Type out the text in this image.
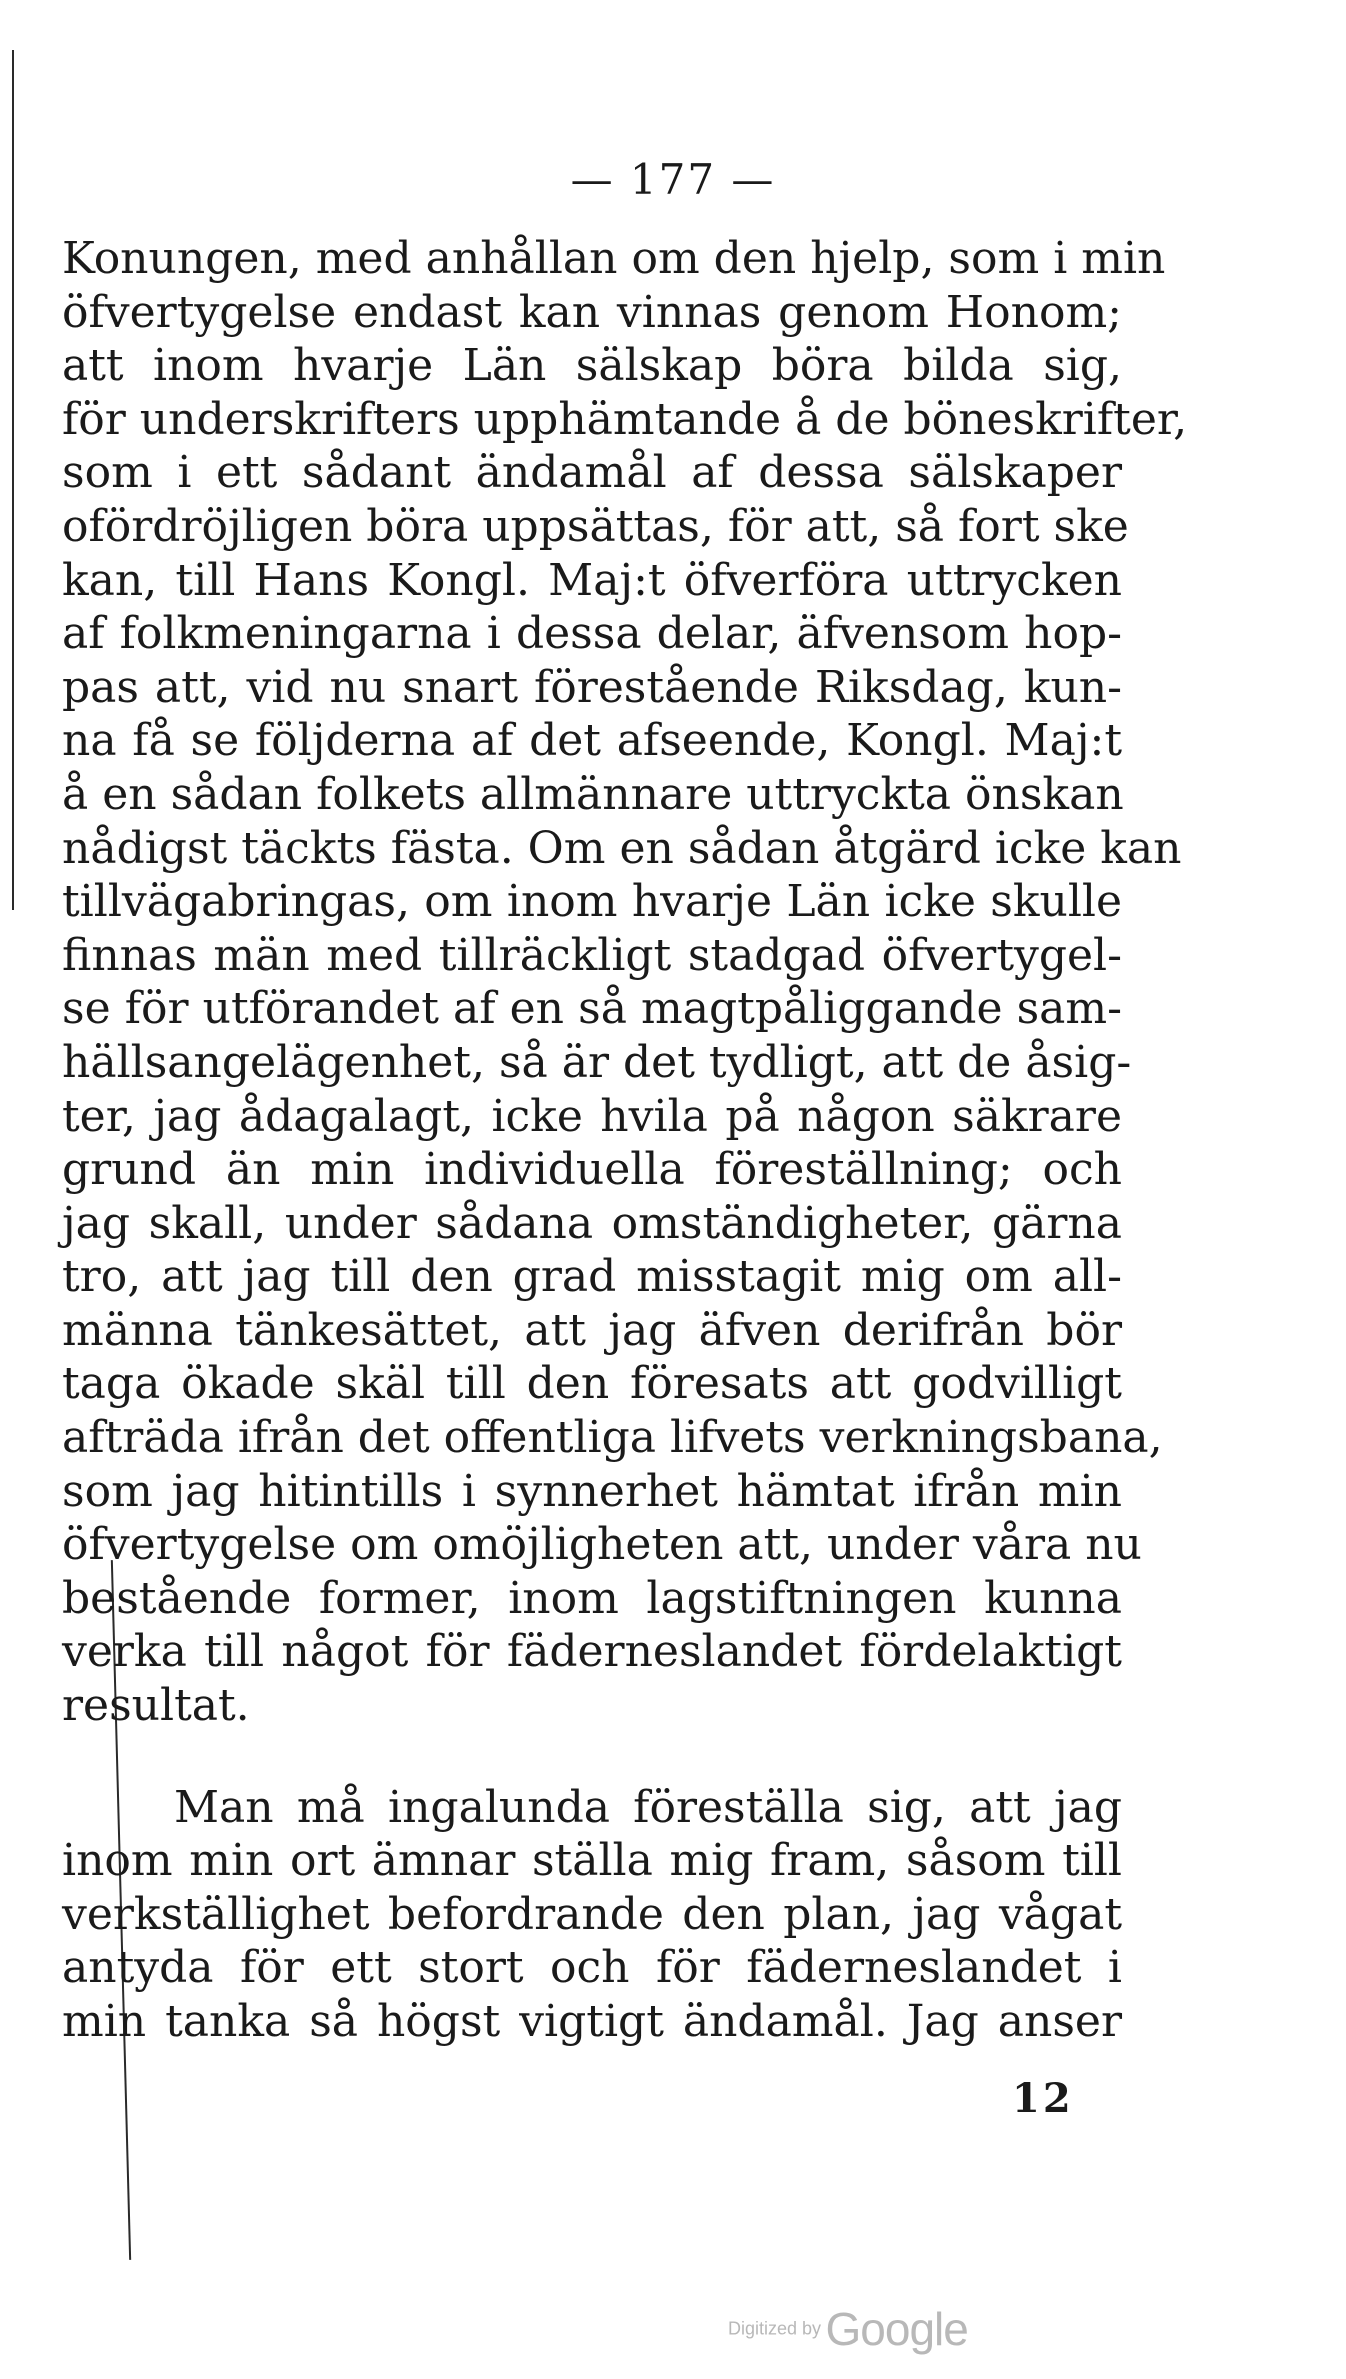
— 177 —
Konungen, med anhållan om den hjelp, som i min
öfvertygelse endast kan vinnas genom Honom;
att inom hvarje Län sälskap böra bilda sig,
för underskrifters upphämtande å de böneskrifter,
som i ett sådant ändamål af dessa sälskaper
ofördröjligen böra uppsättas, för att, så fort ske
kan, till Hans Kongl. Maj:t öfverföra uttrycken
af folkmeningarna i dessa delar, äfvensom hop-
pas att, vid nu snart förestående Riksdag, kun-
na få se följderna af det afseende, Kongl. Maj:t
å en sådan folkets allmännare uttryckta önskan
nådigst täckts fästa. Om en sådan åtgärd icke kan
tillvägabringas, om inom hvarje Län icke skulle
finnas män med tillräckligt stadgad öfvertygel-
se för utförandet af en så magtpåliggande sam-
hällsangelägenhet, så är det tydligt, att de åsig-
ter, jag ådagalagt, icke hvila på någon säkrare
grund än min individuella föreställning; och
jag skall, under sådana omständigheter, gärna
tro, att jag till den grad misstagit mig om all-
männa tänkesättet, att jag äfven derifrån bör
taga ökade skäl till den föresats att godvilligt
afträda ifrån det offentliga lifvets verkningsbana,
som jag hitintills i synnerhet hämtat ifrån min
öfvertygelse om omöjligheten att, under våra nu
bestående former, inom lagstiftningen kunna
verka till något för fäderneslandet fördelaktigt
resultat.
Man må ingalunda föreställa sig, att jag
inom min ort ämnar ställa mig fram, såsom till
verkställighet befordrande den plan, jag vågat
antyda för ett stort och för fäderneslandet i
min tanka så högst vigtigt ändamål. Jag anser
12
Digitized by Google
